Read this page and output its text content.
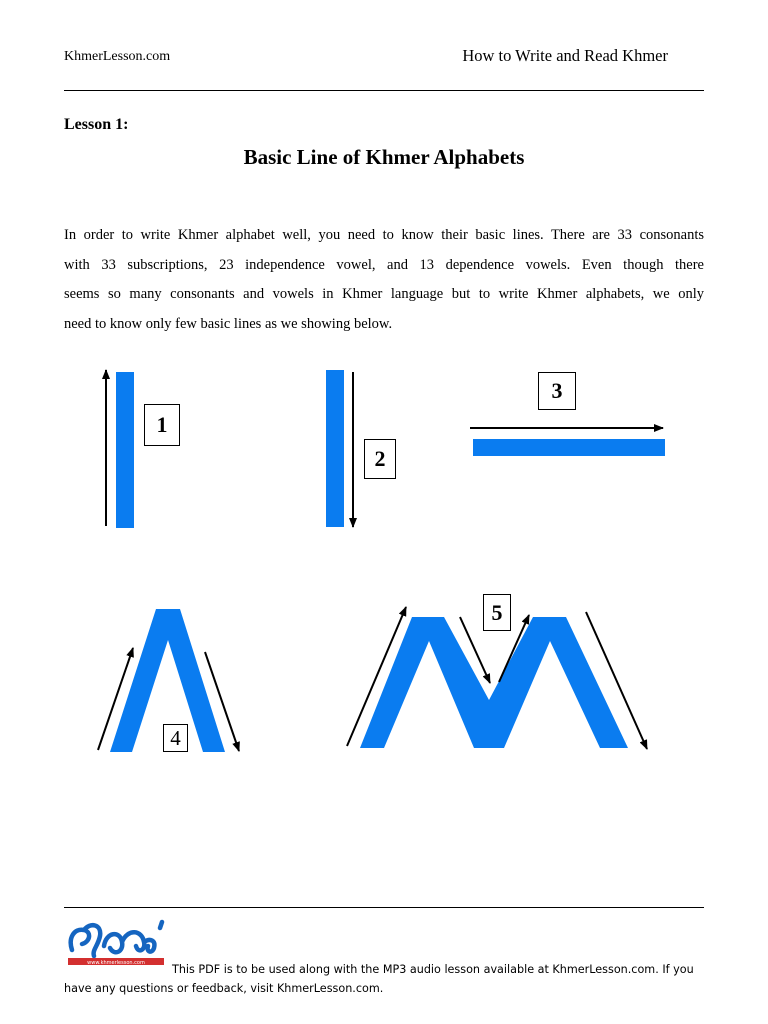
KhmerLesson.com	How to Write and Read Khmer
Lesson 1:
Basic Line of Khmer Alphabets

In order to write Khmer alphabet well, you need to know their basic lines. There are 33 consonants
with 33 subscriptions, 23 independence vowel, and 13 dependence vowels. Even though there
seems so many consonants and vowels in Khmer language but to write Khmer alphabets, we only
need to know only few basic lines as we showing below.

1
2
3
4
5
www.khmerlesson.com

This PDF is to be used along with the MP3 audio lesson available at KhmerLesson.com. If you
have any questions or feedback, visit KhmerLesson.com.
